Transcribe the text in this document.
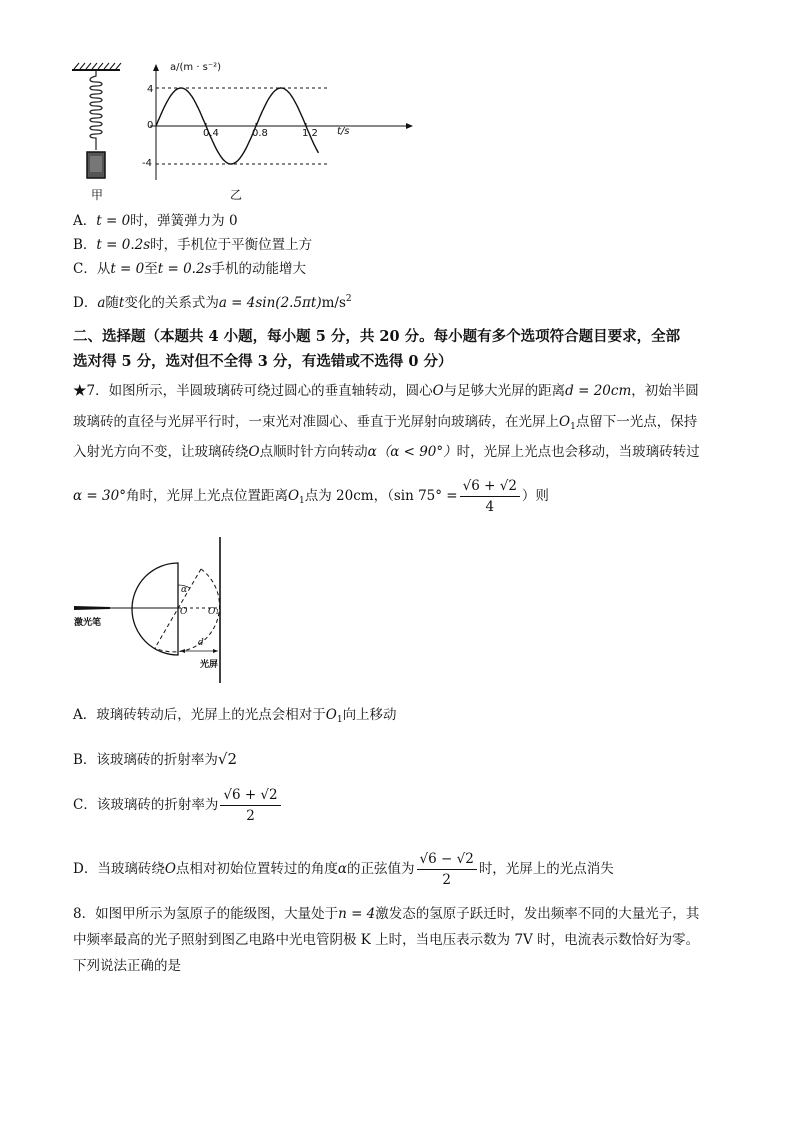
甲
a/(m · s⁻²)
t/s
4
0
-4
0.4	0.8	1.2
乙
A．t = 0时，弹簧弹力为 0
B．t = 0.2s时，手机位于平衡位置上方
C．从t = 0至t = 0.2s手机的动能增大
D．a随t变化的关系式为$a = 4\sin(2.5\pi t)m/s^2$
二、选择题（本题共 4 小题，每小题 5 分，共 20 分。每小题有多个选项符合题目要求，全部
选对得 5 分，选对但不全得 3 分，有选错或不选得 0 分）
★7．如图所示，半圆玻璃砖可绕过圆心的垂直轴转动，圆心O与足够大光屏的距离d = 20cm，初始半圆
玻璃砖的直径与光屏平行时，一束光对准圆心、垂直于光屏射向玻璃砖，在光屏上$O_1$点留下一光点，保持
入射光方向不变，让玻璃砖绕O点顺时针方向转动α（α < 90°）时，光屏上光点也会移动，当玻璃砖转过
α = 30°角时，光屏上光点位置距离$O_1$点为 20cm，（sin $75^\circ = \frac{√6 + √2}{4}$ ）则
激光笔
α
O O1
d
光屏
A．玻璃砖转动后，光屏上的光点会相对于$O_1$向上移动
B．该玻璃砖的折射率为√2
C．该玻璃砖的折射率为 $\frac{√6 + √2}{2}$
D．当玻璃砖绕O点相对初始位置转过的角度α的正弦值为 $\frac{√6 - √2}{2}$ 时，光屏上的光点消失
8．如图甲所示为氢原子的能级图，大量处于n = 4激发态的氢原子跃迁时，发出频率不同的大量光子，其
中频率最高的光子照射到图乙电路中光电管阴极 K 上时，当电压表示数为 7V 时，电流表示数恰好为零。
下列说法正确的是
